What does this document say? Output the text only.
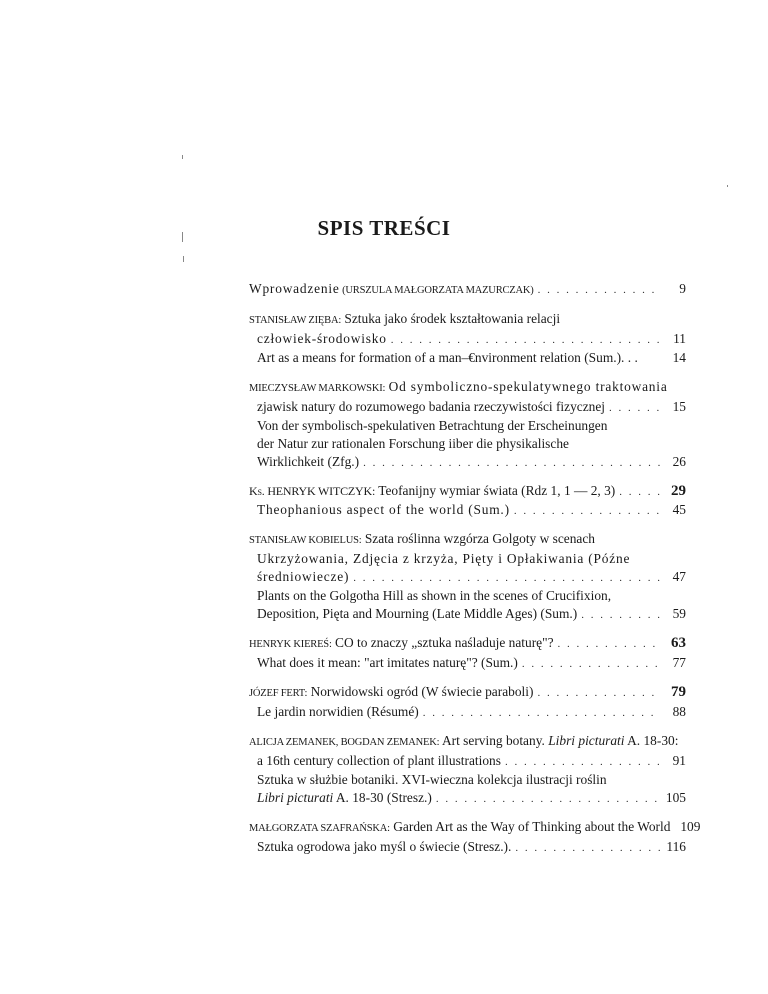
SPIS TREŚCI
Wprowadzenie (URSZULA MAŁGORZATA MAZURCZAK) . . .	9
STANISŁAW ZIĘBA: Sztuka jako środek kształtowania relacji
człowiek-środowisko . . .	11
Art as a means for formation of a man–€nvironment relation (Sum.). . .	14
MIECZYSŁAW MARKOWSKI: Od symboliczno-spekulatywnego traktowania
zjawisk natury do rozumowego badania rzeczywistości fizycznej . . .	15
Von der symbolisch-spekulativen Betrachtung der Erscheinungen
der Natur zur rationalen Forschung iiber die physikalische
Wirklichkeit (Zfg.) . . .	26
Ks. HENRYK WITCZYK: Teofanijny wymiar świata (Rdz 1, 1 — 2, 3) . . .	29
Theophanious aspect of the world (Sum.) . . .	45
STANISŁAW KOBIELUS: Szata roślinna wzgórza Golgoty w scenach
Ukrzyżowania, Zdjęcia z krzyża, Pięty i Opłakiwania (Późne
średniowiecze) . . .	47
Plants on the Golgotha Hill as shown in the scenes of Crucifixion,
Deposition, Pięta and Mourning (Late Middle Ages) (Sum.) . . .	59
HENRYK KIEREŚ: CO to znaczy „sztuka naśladuje naturę"? . . .	63
What does it mean: "art imitates naturę"? (Sum.) . . .	77
JÓZEF FERT: Norwidowski ogród (W świecie paraboli) . . .	79
Le jardin norwidien (Résumé) . . .	88
ALICJA ZEMANEK, BOGDAN ZEMANEK: Art serving botany. Libri picturati A. 18-30:
a 16th century collection of plant illustrations . . .	91
Sztuka w służbie botaniki. XVI-wieczna kolekcja ilustracji roślin
Libri picturati A. 18-30 (Stresz.) . . .	105
MAŁGORZATA SZAFRAŃSKA: Garden Art as the Way of Thinking about the World 109
Sztuka ogrodowa jako myśl o świecie (Stresz.). . . .	116
